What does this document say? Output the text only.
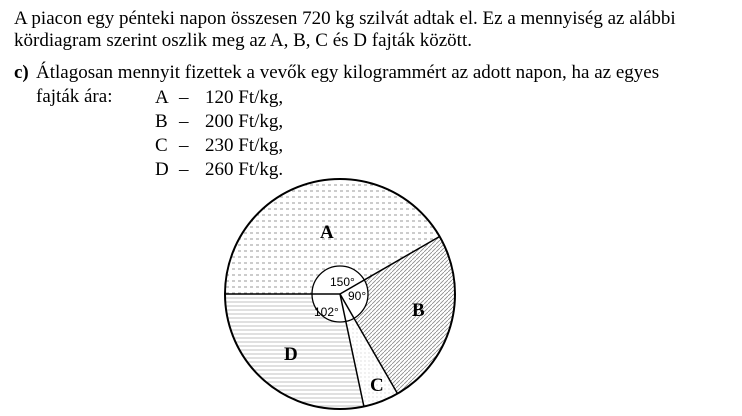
A piacon egy pénteki napon összesen 720 kg szilvát adtak el. Ez a mennyiség az alábbi
kördiagram szerint oszlik meg az A, B, C és D fajták között.
c) Átlagosan mennyit fizettek a vevők egy kilogrammért az adott napon, ha az egyes
fajták ára: A – 120 Ft/kg,
B – 200 Ft/kg,
C – 230 Ft/kg,
D – 260 Ft/kg.
150°
90°
102°
A
B
C
D
